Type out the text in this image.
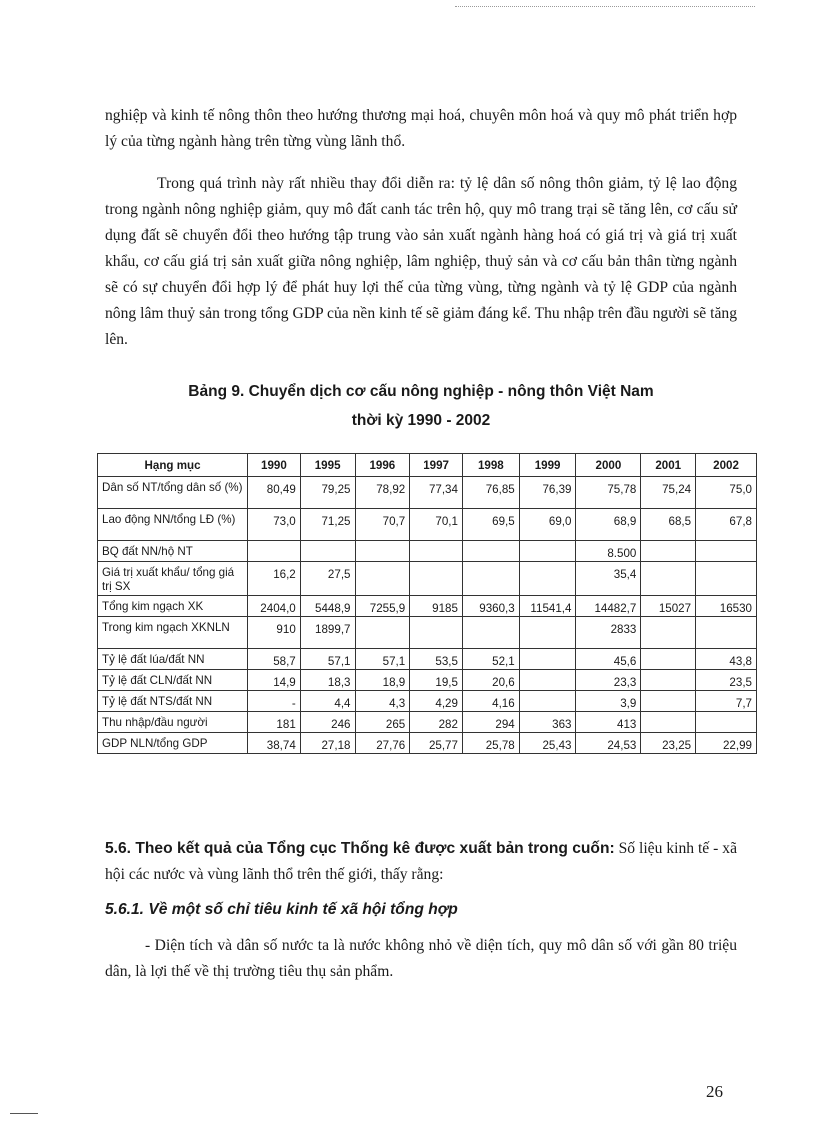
nghiệp và kinh tế nông thôn theo hướng thương mại hoá, chuyên môn hoá và quy mô phát triển hợp lý của từng ngành hàng trên từng vùng lãnh thổ.

Trong quá trình này rất nhiều thay đổi diễn ra: tỷ lệ dân số nông thôn giảm, tỷ lệ lao động trong ngành nông nghiệp giảm, quy mô đất canh tác trên hộ, quy mô trang trại sẽ tăng lên, cơ cấu sử dụng đất sẽ chuyển đổi theo hướng tập trung vào sản xuất ngành hàng hoá có giá trị và giá trị xuất khẩu, cơ cấu giá trị sản xuất giữa nông nghiệp, lâm nghiệp, thuỷ sản và cơ cấu bản thân từng ngành sẽ có sự chuyển đổi hợp lý để phát huy lợi thế của từng vùng, từng ngành và tỷ lệ GDP của ngành nông lâm thuỷ sản trong tổng GDP của nền kinh tế sẽ giảm đáng kể. Thu nhập trên đầu người sẽ tăng lên.

Bảng 9. Chuyển dịch cơ cấu nông nghiệp - nông thôn Việt Nam

thời kỳ 1990 - 2002

Hạng mục	1990	1995	1996	1997	1998	1999	2000	2001	2002
Dân số NT/tổng dân số (%)	80,49	79,25	78,92	77,34	76,85	76,39	75,78	75,24	75,0
Lao động NN/tổng LĐ (%)	73,0	71,25	70,7	70,1	69,5	69,0	68,9	68,5	67,8
BQ đất NN/hộ NT							8.500		
Giá trị xuất khẩu/ tổng giá trị SX	16,2	27,5					35,4		
Tổng kim ngạch XK	2404,0	5448,9	7255,9	9185	9360,3	11541,4	14482,7	15027	16530
Trong kim ngạch XKNLN	910	1899,7					2833		
Tỷ lệ đất lúa/đất NN	58,7	57,1	57,1	53,5	52,1		45,6		43,8
Tỷ lệ đất CLN/đất NN	14,9	18,3	18,9	19,5	20,6		23,3		23,5
Tỷ lệ đất NTS/đất NN	-	4,4	4,3	4,29	4,16		3,9		7,7
Thu nhập/đầu người	181	246	265	282	294	363	413		
GDP NLN/tổng GDP	38,74	27,18	27,76	25,77	25,78	25,43	24,53	23,25	22,99

5.6. Theo kết quả của Tổng cục Thống kê được xuất bản trong cuốn: Số liệu kinh tế - xã hội các nước và vùng lãnh thổ trên thế giới, thấy rằng:

5.6.1. Về một số chỉ tiêu kinh tế xã hội tổng hợp

- Diện tích và dân số nước ta là nước không nhỏ về diện tích, quy mô dân số với gần 80 triệu dân, là lợi thế về thị trường tiêu thụ sản phẩm.

26
